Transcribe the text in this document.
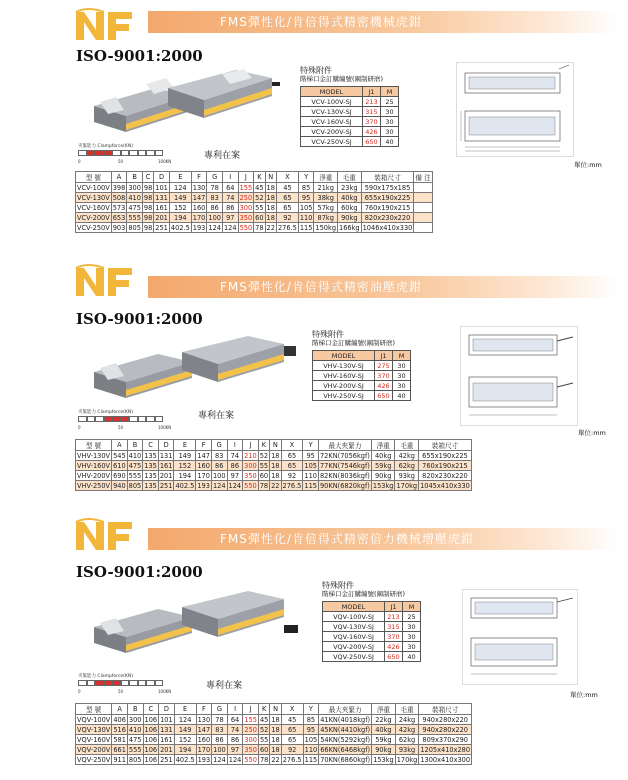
FMS彈性化/肯倍得式精密機械虎鉗
ISO-9001:2000
夾緊能力 Clampforce(KN)
0	50	100KN
專利在案
特殊附件
階梯口金訂購編號(鋼制研磨)
MODEL	J1	M
VCV-100V-SJ	213	25
VCV-130V-SJ	315	30
VCV-160V-SJ	370	30
VCV-200V-SJ	426	30
VCV-250V-SJ	650	40
單位:mm
型 號	A	B	C	D	E	F	G	I	J	K	N	X	Y	淨重	毛重	裝箱尺寸	備 注
VCV-100V	398	300	98	101	124	130	78	64	155	45	18	45	85	21kg	23kg	590x175x185	
VCV-130V	508	410	98	131	149	147	83	74	250	52	18	65	95	38kg	40kg	655x190x225	
VCV-160V	573	475	98	161	152	160	86	86	300	55	18	65	105	57kg	60kg	760x190x215	
VCV-200V	653	555	98	201	194	170	100	97	350	60	18	92	110	87kg	90kg	820x230x220	
VCV-250V	903	805	98	251	402.5	193	124	124	550	78	22	276.5	115	150kg	166kg	1046x410x330	
FMS彈性化/肯倍得式精密油壓虎鉗
ISO-9001:2000
夾緊能力 Clampforce(KN)
0	50	100KN
專利在案
特殊附件
階梯口金訂購編號(鋼制研磨)
MODEL	J1	M
VHV-130V-SJ	275	30
VHV-160V-SJ	370	30
VHV-200V-SJ	426	30
VHV-250V-SJ	650	40
單位:mm
型 號	A	B	C	D	E	F	G	I	J	K	N	X	Y	最大夾緊力	淨重	毛重	裝箱尺寸
VHV-130V	545	410	135	131	149	147	83	74	210	52	18	65	95	72KN(7056kgf)	40kg	42kg	655x190x225
VHV-160V	610	475	135	161	152	160	86	86	300	55	18	65	105	77KN(7546kgf)	59kg	62kg	760x190x215
VHV-200V	690	555	135	201	194	170	100	97	350	60	18	92	110	82KN(8036kgf)	90kg	93kg	820x230x220
VHV-250V	940	805	135	251	402.5	193	124	124	550	78	22	276.5	115	90KN(6820kgf)	153kg	170kg	1045x410x330
FMS彈性化/肯倍得式精密倍力機械增壓虎鉗
ISO-9001:2000
夾緊能力 Clampforce(KN)
0	50	100KN
專利在案
特殊附件
階梯口金訂購編號(鋼制研磨)
MODEL	J1	M
VQV-100V-SJ	213	25
VQV-130V-SJ	315	30
VQV-160V-SJ	370	30
VQV-200V-SJ	426	30
VQV-250V-SJ	650	40
單位:mm
型 號	A	B	C	D	E	F	G	I	J	K	N	X	Y	最大夾緊力	淨重	毛重	裝箱尺寸
VQV-100V	406	300	106	101	124	130	78	64	155	45	18	45	85	41KN(4018kgf)	22kg	24kg	940x280x220
VQV-130V	516	410	106	131	149	147	83	74	250	52	18	65	95	45KN(4410kgf)	40kg	42kg	940x280x220
VQV-160V	581	475	106	161	152	160	86	86	300	55	18	65	105	54KN(5292kgf)	59kg	62kg	809x370x290
VQV-200V	661	555	106	201	194	170	100	97	350	60	18	92	110	66KN(6468kgf)	90kg	93kg	1205x410x280
VQV-250V	911	805	106	251	402.5	193	124	124	550	78	22	276.5	115	70KN(6860kgf)	153kg	170kg	1300x410x300
